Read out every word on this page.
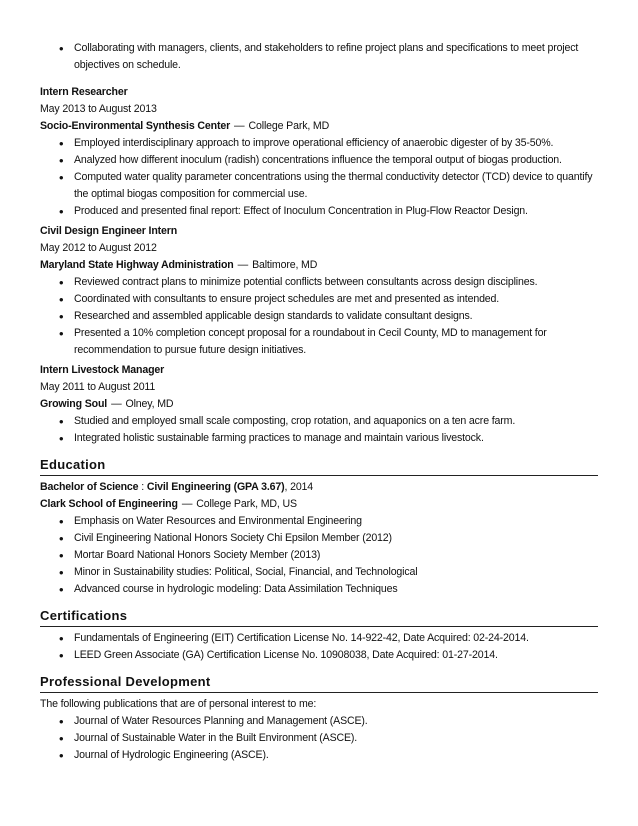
• Collaborating with managers, clients, and stakeholders to refine project plans and specifications to meet project objectives on schedule.
Intern Researcher
May 2013 to August 2013
Socio-Environmental Synthesis Center — College Park, MD
• Employed interdisciplinary approach to improve operational efficiency of anaerobic digester of by 35-50%.
• Analyzed how different inoculum (radish) concentrations influence the temporal output of biogas production.
• Computed water quality parameter concentrations using the thermal conductivity detector (TCD) device to quantify the optimal biogas composition for commercial use.
• Produced and presented final report: Effect of Inoculum Concentration in Plug-Flow Reactor Design.
Civil Design Engineer Intern
May 2012 to August 2012
Maryland State Highway Administration — Baltimore, MD
• Reviewed contract plans to minimize potential conflicts between consultants across design disciplines.
• Coordinated with consultants to ensure project schedules are met and presented as intended.
• Researched and assembled applicable design standards to validate consultant designs.
• Presented a 10% completion concept proposal for a roundabout in Cecil County, MD to management for recommendation to pursue future design initiatives.
Intern Livestock Manager
May 2011 to August 2011
Growing Soul — Olney, MD
• Studied and employed small scale composting, crop rotation, and aquaponics on a ten acre farm.
• Integrated holistic sustainable farming practices to manage and maintain various livestock.
Education
Bachelor of Science : Civil Engineering (GPA 3.67), 2014
Clark School of Engineering — College Park, MD, US
• Emphasis on Water Resources and Environmental Engineering
• Civil Engineering National Honors Society Chi Epsilon Member (2012)
• Mortar Board National Honors Society Member (2013)
• Minor in Sustainability studies: Political, Social, Financial, and Technological
• Advanced course in hydrologic modeling: Data Assimilation Techniques
Certifications
• Fundamentals of Engineering (EIT) Certification License No. 14-922-42, Date Acquired: 02-24-2014.
• LEED Green Associate (GA) Certification License No. 10908038, Date Acquired: 01-27-2014.
Professional Development
The following publications that are of personal interest to me:
• Journal of Water Resources Planning and Management (ASCE).
• Journal of Sustainable Water in the Built Environment (ASCE).
• Journal of Hydrologic Engineering (ASCE).
